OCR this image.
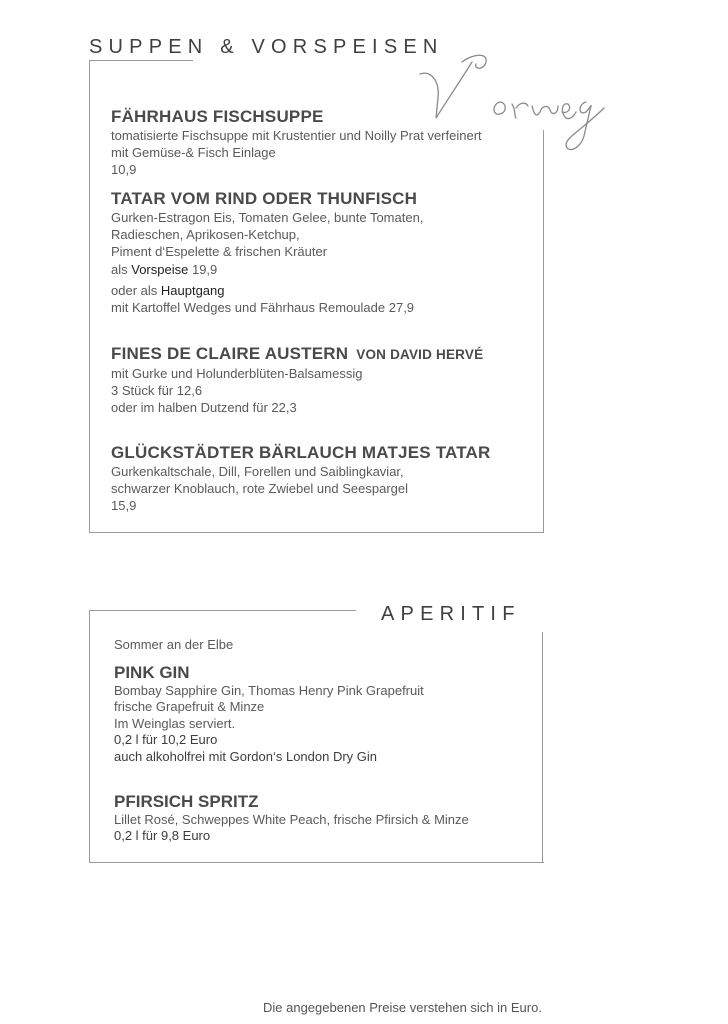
SUPPEN & VORSPEISEN
FÄHRHAUS FISCHSUPPE
tomatisierte Fischsuppe mit Krustentier und Noilly Prat verfeinert
mit Gemüse-& Fisch Einlage
10,9
TATAR VOM RIND ODER THUNFISCH
Gurken-Estragon Eis, Tomaten Gelee, bunte Tomaten,
Radieschen, Aprikosen-Ketchup,
Piment d‘Espelette & frischen Kräuter
als Vorspeise 19,9
oder als Hauptgang
mit Kartoffel Wedges und Fährhaus Remoulade 27,9
FINES DE CLAIRE AUSTERN VON DAVID HERVÉ
mit Gurke und Holunderblüten-Balsamessig
3 Stück für 12,6
oder im halben Dutzend für 22,3
GLÜCKSTÄDTER BÄRLAUCH MATJES TATAR
Gurkenkaltschale, Dill, Forellen und Saiblingkaviar,
schwarzer Knoblauch, rote Zwiebel und Seespargel
15,9
APERITIF
Sommer an der Elbe
PINK GIN
Bombay Sapphire Gin, Thomas Henry Pink Grapefruit
frische Grapefruit & Minze
Im Weinglas serviert.
0,2 l für 10,2 Euro
auch alkoholfrei mit Gordon‘s London Dry Gin
PFIRSICH SPRITZ
Lillet Rosé, Schweppes White Peach, frische Pfirsich & Minze
0,2 l für 9,8 Euro
Die angegebenen Preise verstehen sich in Euro.
